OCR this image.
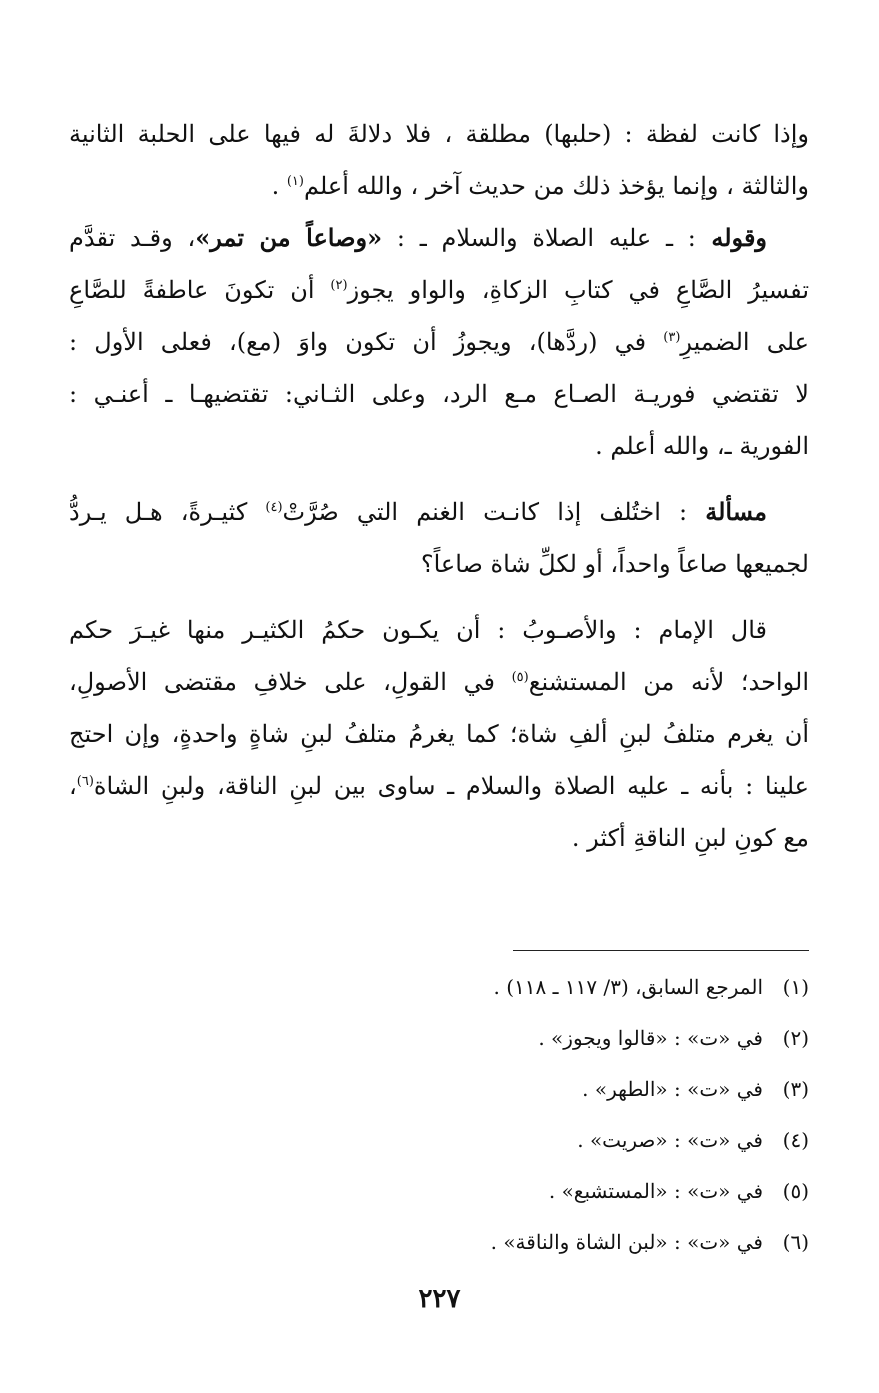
وإذا كانت لفظة : (حلبها) مطلقة ، فلا دلالةَ له فيها على الحلبة الثانية
والثالثة ، وإنما يؤخذ ذلك من حديث آخر ، والله أعلم$^{(١)}$ .
وقوله : ـ عليه الصلاة والسلام ـ : «وصاعاً من تمر»، وقـد تقدَّم
تفسيرُ الصَّاعِ في كتابِ الزكاةِ، والواو يجوز$^{(٢)}$ أن تكونَ عاطفةً للصَّاعِ
على الضميرِ$^{(٣)}$ في (ردَّها)، ويجوزُ أن تكون واوَ (مع)، فعلى الأول :
لا تقتضي فوريـة الصـاع مـع الرد، وعلى الثـاني: تقتضيهـا ـ أعنـي :
الفورية ـ، والله أعلم .
مسألة : اختُلف إذا كانـت الغنم التي صُرَّتْ$^{(٤)}$ كثيـرةً، هـل يـردُّ
لجميعها صاعاً واحداً، أو لكلِّ شاة صاعاً؟
قال الإمام : والأصـوبُ : أن يكـون حكمُ الكثيـر منها غيـرَ حكم
الواحد؛ لأنه من المستشنع$^{(٥)}$ في القولِ، على خلافِ مقتضى الأصولِ،
أن يغرم متلفُ لبنِ ألفِ شاة؛ كما يغرمُ متلفُ لبنِ شاةٍ واحدةٍ، وإن احتج
علينا : بأنه ـ عليه الصلاة والسلام ـ ساوى بين لبنِ الناقة، ولبنِ الشاة$^{(٦)}$،
مع كونِ لبنِ الناقةِ أكثر .
(١)
المرجع السابق، (٣/ ١١٧ ـ ١١٨) .
(٢)
في «ت» : «قالوا ويجوز» .
(٣)
في «ت» : «الطهر» .
(٤)
في «ت» : «صريت» .
(٥)
في «ت» : «المستشبع» .
(٦)
في «ت» : «لبن الشاة والناقة» .
٢٢٧
